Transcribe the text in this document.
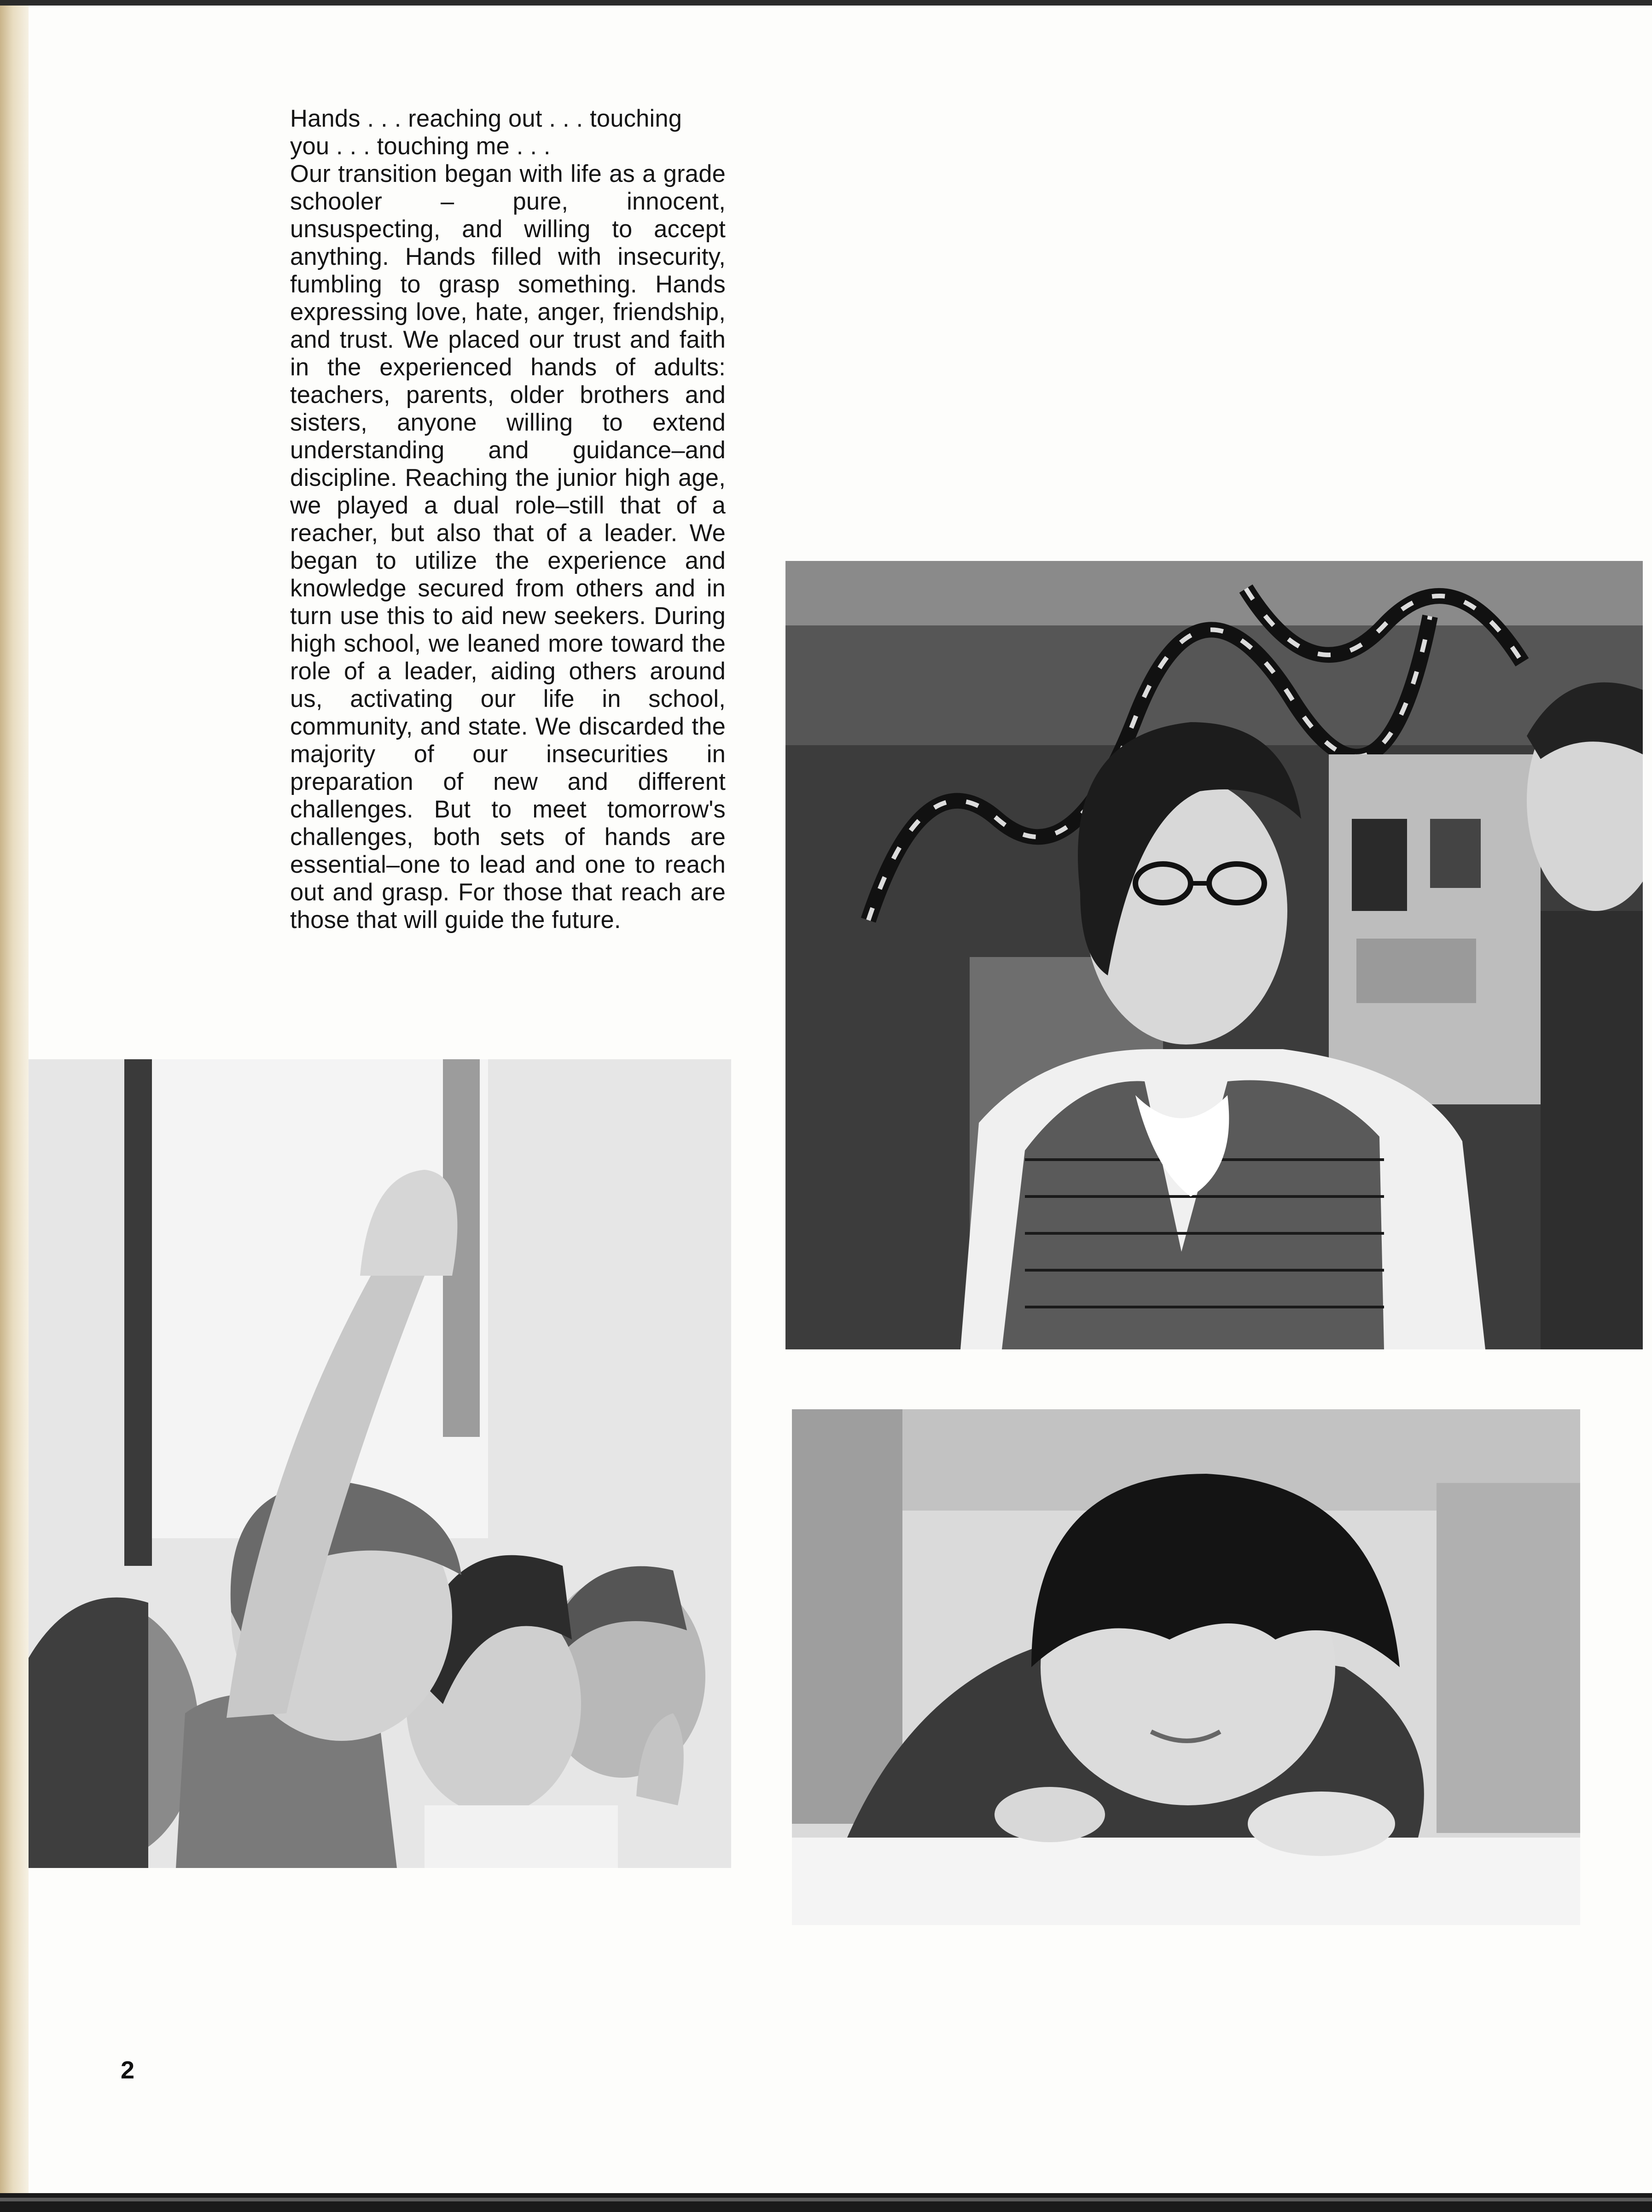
Hands . . . reaching out . . . touching you . . . touching me . . .

Our transition began with life as a grade schooler – pure, innocent, unsuspecting, and willing to accept anything. Hands filled with insecurity, fumbling to grasp something. Hands expressing love, hate, anger, friendship, and trust. We placed our trust and faith in the experienced hands of adults: teachers, parents, older brothers and sisters, anyone willing to extend understanding and guidance–and discipline. Reaching the junior high age, we played a dual role–still that of a reacher, but also that of a leader. We began to utilize the experience and knowledge secured from others and in turn use this to aid new seekers. During high school, we leaned more toward the role of a leader, aiding others around us, activating our life in school, community, and state. We discarded the majority of our insecurities in preparation of new and different challenges. But to meet tomorrow's challenges, both sets of hands are essential–one to lead and one to reach out and grasp. For those that reach are those that will guide the future.

2
